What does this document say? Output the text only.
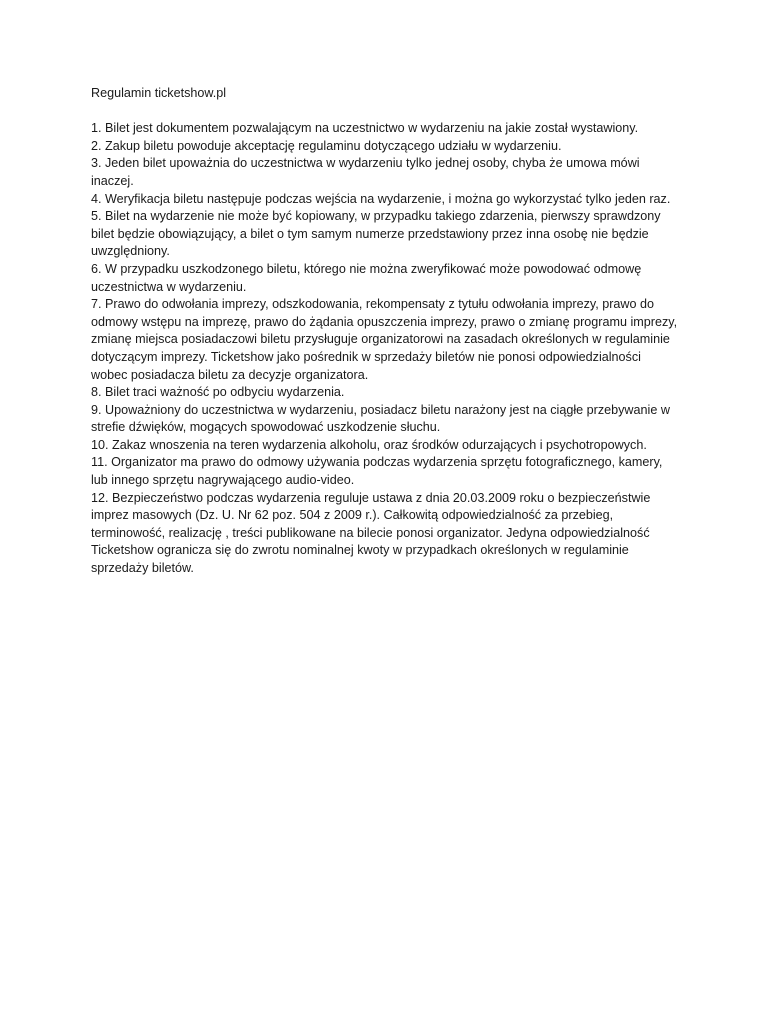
Regulamin ticketshow.pl

1. Bilet jest dokumentem pozwalającym na uczestnictwo w wydarzeniu na jakie został wystawiony.
2. Zakup biletu powoduje akceptację regulaminu dotyczącego udziału w wydarzeniu.
3. Jeden bilet upoważnia do uczestnictwa w wydarzeniu tylko jednej osoby, chyba że umowa mówi inaczej.
4. Weryfikacja biletu następuje podczas wejścia na wydarzenie, i można go wykorzystać tylko jeden raz.
5. Bilet na wydarzenie nie może być kopiowany, w przypadku takiego zdarzenia, pierwszy sprawdzony bilet będzie obowiązujący, a bilet o tym samym numerze przedstawiony przez inna osobę nie będzie uwzględniony.
6. W przypadku uszkodzonego biletu, którego nie można zweryfikować może powodować odmowę uczestnictwa w wydarzeniu.
7. Prawo do odwołania imprezy, odszkodowania, rekompensaty z tytułu odwołania imprezy, prawo do odmowy wstępu na imprezę, prawo do żądania opuszczenia imprezy, prawo o zmianę programu imprezy, zmianę miejsca posiadaczowi biletu przysługuje organizatorowi na zasadach określonych w regulaminie dotyczącym imprezy. Ticketshow jako pośrednik w sprzedaży biletów nie ponosi odpowiedzialności wobec posiadacza biletu za decyzje organizatora.
8. Bilet traci ważność po odbyciu wydarzenia.
9. Upoważniony do uczestnictwa w wydarzeniu, posiadacz biletu narażony jest na ciągłe przebywanie w strefie dźwięków, mogących spowodować uszkodzenie słuchu.
10. Zakaz wnoszenia na teren wydarzenia alkoholu, oraz środków odurzających i psychotropowych.
11. Organizator ma prawo do odmowy używania podczas wydarzenia sprzętu fotograficznego, kamery, lub innego sprzętu nagrywającego audio-video.
12. Bezpieczeństwo podczas wydarzenia reguluje ustawa z dnia 20.03.2009 roku o bezpieczeństwie imprez masowych (Dz. U. Nr 62 poz. 504 z 2009 r.). Całkowitą odpowiedzialność za przebieg, terminowość, realizację , treści publikowane na bilecie ponosi organizator. Jedyna odpowiedzialność Ticketshow ogranicza się do zwrotu nominalnej kwoty w przypadkach określonych w regulaminie sprzedaży biletów.
